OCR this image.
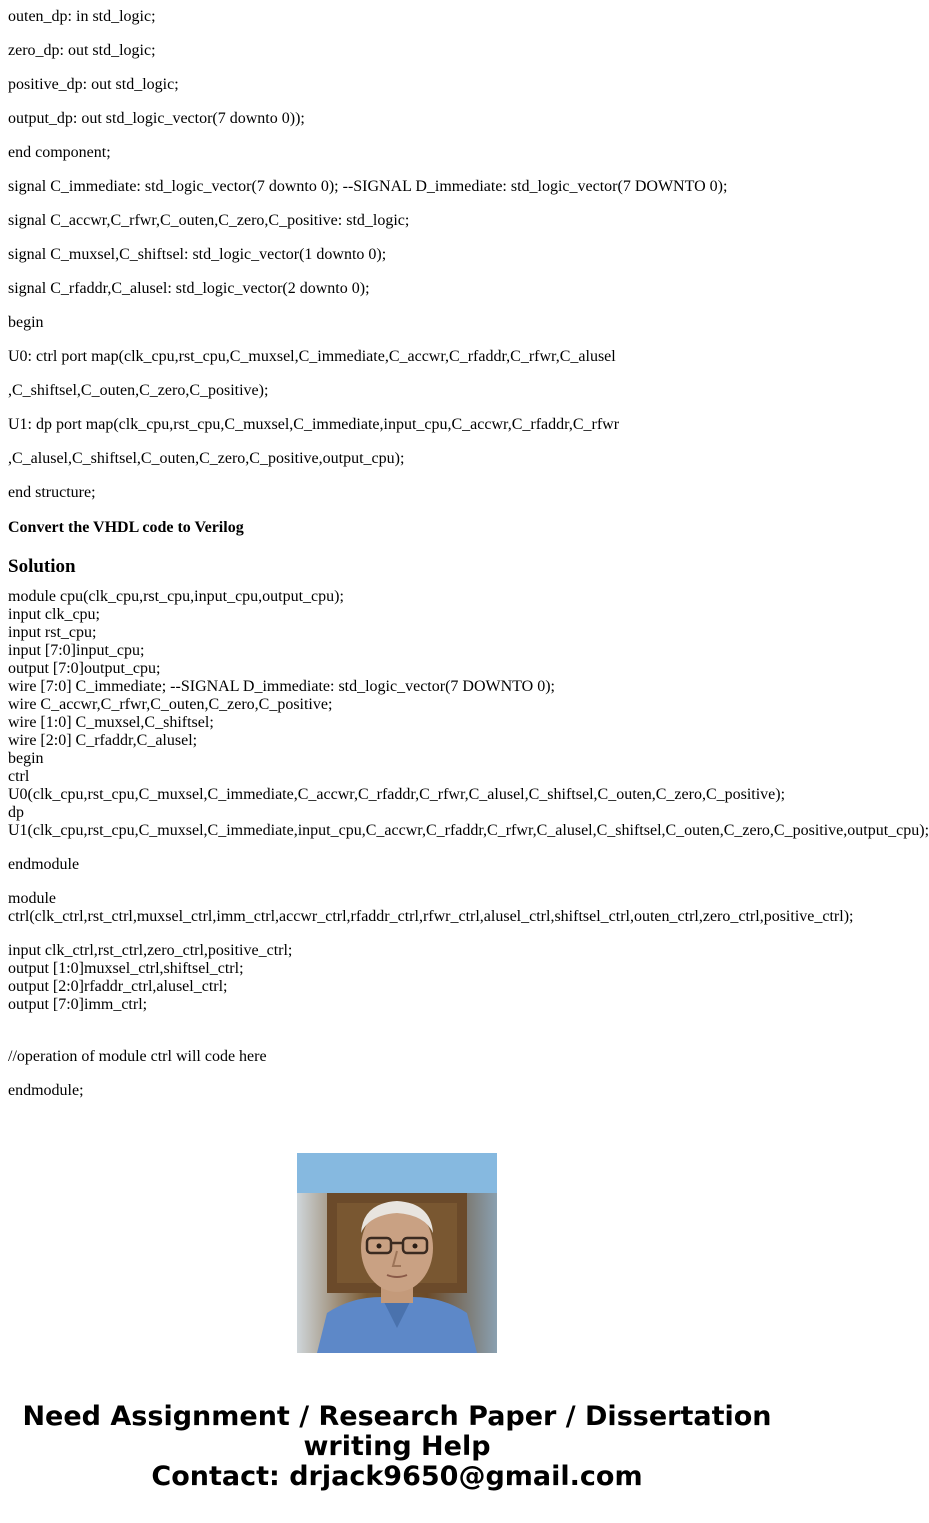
outen_dp: in std_logic;

zero_dp: out std_logic;

positive_dp: out std_logic;

output_dp: out std_logic_vector(7 downto 0));

end component;

signal C_immediate: std_logic_vector(7 downto 0); --SIGNAL D_immediate: std_logic_vector(7 DOWNTO 0);

signal C_accwr,C_rfwr,C_outen,C_zero,C_positive: std_logic;

signal C_muxsel,C_shiftsel: std_logic_vector(1 downto 0);

signal C_rfaddr,C_alusel: std_logic_vector(2 downto 0);

begin

U0: ctrl port map(clk_cpu,rst_cpu,C_muxsel,C_immediate,C_accwr,C_rfaddr,C_rfwr,C_alusel

,C_shiftsel,C_outen,C_zero,C_positive);

U1: dp port map(clk_cpu,rst_cpu,C_muxsel,C_immediate,input_cpu,C_accwr,C_rfaddr,C_rfwr

,C_alusel,C_shiftsel,C_outen,C_zero,C_positive,output_cpu);

end structure;

Convert the VHDL code to Verilog

Solution
module cpu(clk_cpu,rst_cpu,input_cpu,output_cpu);
input clk_cpu;
input rst_cpu;
input [7:0]input_cpu;
output [7:0]output_cpu;
wire [7:0] C_immediate; --SIGNAL D_immediate: std_logic_vector(7 DOWNTO 0);
wire C_accwr,C_rfwr,C_outen,C_zero,C_positive;
wire [1:0] C_muxsel,C_shiftsel;
wire [2:0] C_rfaddr,C_alusel;
begin
ctrl
U0(clk_cpu,rst_cpu,C_muxsel,C_immediate,C_accwr,C_rfaddr,C_rfwr,C_alusel,C_shiftsel,C_outen,C_zero,C_positive);
dp
U1(clk_cpu,rst_cpu,C_muxsel,C_immediate,input_cpu,C_accwr,C_rfaddr,C_rfwr,C_alusel,C_shiftsel,C_outen,C_zero,C_positive,output_cpu);
endmodule
module
ctrl(clk_ctrl,rst_ctrl,muxsel_ctrl,imm_ctrl,accwr_ctrl,rfaddr_ctrl,rfwr_ctrl,alusel_ctrl,shiftsel_ctrl,outen_ctrl,zero_ctrl,positive_ctrl);
input clk_ctrl,rst_ctrl,zero_ctrl,positive_ctrl;
output [1:0]muxsel_ctrl,shiftsel_ctrl;
output [2:0]rfaddr_ctrl,alusel_ctrl;
output [7:0]imm_ctrl;
//operation of module ctrl will code here
endmodule;
Need Assignment / Research Paper / Dissertation
writing Help
Contact: drjack9650@gmail.com
